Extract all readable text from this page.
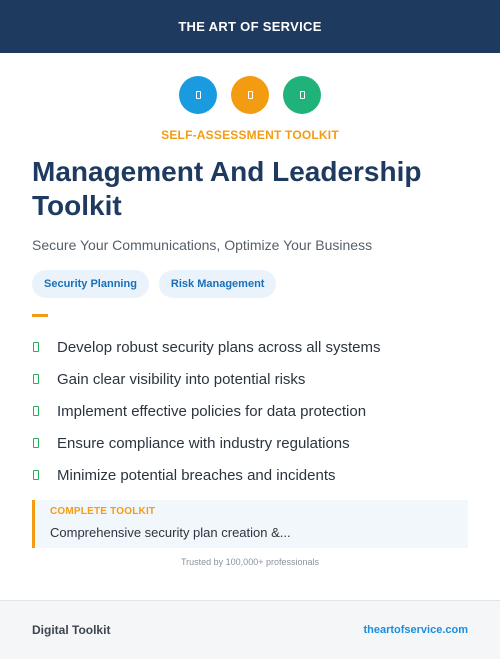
THE ART OF SERVICE
SELF-ASSESSMENT TOOLKIT
Management And Leadership Toolkit
Secure Your Communications, Optimize Your Business
Security Planning	Risk Management
Develop robust security plans across all systems
Gain clear visibility into potential risks
Implement effective policies for data protection
Ensure compliance with industry regulations
Minimize potential breaches and incidents
COMPLETE TOOLKIT
Comprehensive security plan creation &...
Trusted by 100,000+ professionals
Digital Toolkit	theartofservice.com
